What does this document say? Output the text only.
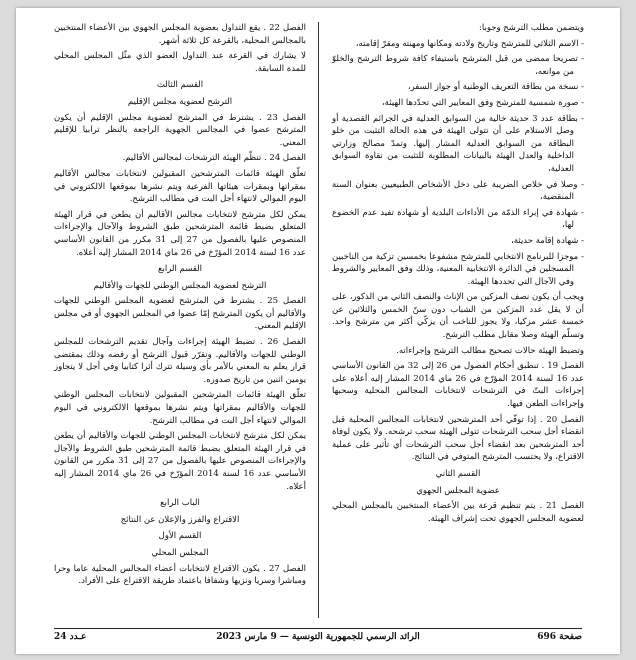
ويتضمن مطلب الترشح وجوبا:

- الاسم الثلاثي للمترشح وتاريخ ولادته ومكانها ومهنته ومقرّ إقامته،

- تصريحا ممضى من قبل المترشح باستيفاء كافة شروط الترشح والخلوّ من موانعه،

- نسخة من بطاقة التعريف الوطنية أو جواز السفر،

- صورة شمسية للمترشح وفق المعايير التي تحدّدها الهيئة،

- بطاقة عدد 3 حديثة خالية من السوابق العدلية في الجرائم القصدية أو وصل الاستلام على أن تتولى الهيئة في هذه الحالة التثبت من خلو البطاقة من السوابق العدلية المشار إليها. وتمدّ مصالح وزارتي الداخلية والعدل الهيئة بالبيانات المطلوبة للتثبت من نقاوة السوابق العدلية،

- وصلا في خلاص الضريبة على دخل الأشخاص الطبيعيين بعنوان السنة المنقضية،

- شهادة في إبراء الذمّة من الأداءات البلدية أو شهادة تفيد عدم الخضوع لها،

- شهادة إقامة حديثة،

- موجزا للبرنامج الانتخابي للمترشح مشفوعا بخمسين تزكية من الناخبين المسجلين في الدائرة الانتخابية المعنية، وذلك وفق المعايير والشروط وفي الآجال التي تحددها الهيئة.

ويجب أن يكون نصف المزكين من الإناث والنصف الثاني من الذكور، على أن لا يقل عدد المزكين من الشباب دون سنّ الخمس والثلاثين عن خمسة عشر مزكيا، ولا يجوز للناخب أن يزكّي أكثر من مترشح واحد. وتسلّم الهيئة وصلا مقابل مطلب الترشح.

وتضبط الهيئة حالات تصحيح مطالب الترشح وإجراءاته.

الفصل 19 . تنطبق أحكام الفصول من 26 إلى 32 من القانون الأساسي عدد 16 لسنة 2014 المؤرّخ في 26 ماي 2014 المشار إليه أعلاه على إجراءات البتّ في الترشحات لانتخابات المجالس المحلية وسحبها وإجراءات الطعن فيها.

الفصل 20 . إذا توفّي أحد المترشحين لانتخابات المجالس المحلية قبل انقضاء أجل سحب الترشحات تتولى الهيئة سحب ترشحه. ولا يكون لوفاة أحد المترشحين بعد انقضاء أجل سحب الترشحات أي تأثير على عملية الاقتراع، ولا يحتسب المترشح المتوفي في النتائج.

القسم الثاني

عضوية المجلس الجهوي

الفصل 21 . يتم تنظيم قرعة بين الأعضاء المنتخبين بالمجلس المحلي لعضوية المجلس الجهوي تحت إشراف الهيئة.

الفصل 22 . يقع التداول بعضوية المجلس الجهوي بين الأعضاء المنتخبين بالمجالس المحلية، بالقرعة كل ثلاثة أشهر.

لا يشارك في القرعة عند التداول العضو الذي مثّل المجلس المحلي للمدة السابقة.

القسم الثالث

الترشح لعضوية مجلس الإقليم

الفصل 23 . يشترط في المترشح لعضوية مجلس الإقليم أن يكون المترشح عضوا في المجالس الجهوية الراجعة بالنظر ترابيا للإقليم المعني.

الفصل 24 . تنظّم الهيئة الترشحات لمجالس الأقاليم.

تعلّق الهيئة قائمات المترشحين المقبولين لانتخابات مجالس الأقاليم بمقراتها وبمقرات هيئاتها الفرعية ويتم نشرها بموقعها الالكتروني في اليوم الموالي لانتهاء أجل البت في مطالب الترشح.

يمكن لكل مترشح لانتخابات مجالس الأقاليم أن يطعن في قرار الهيئة المتعلق بضبط قائمة المترشحين طبق الشروط والآجال والإجراءات المنصوص عليها بالفصول من 27 إلى 31 مكرر من القانون الأساسي عدد 16 لسنة 2014 المؤرّخ في 26 ماي 2014 المشار إليه أعلاه.

القسم الرابع

الترشح لعضوية المجلس الوطني للجهات والأقاليم

الفصل 25 . يشترط في المترشح لعضوية المجلس الوطني للجهات والأقاليم أن يكون المترشح إمّا عضوا في المجلس الجهوي أو في مجلس الإقليم المعني.

الفصل 26 . تضبط الهيئة إجراءات وآجال تقديم الترشحات للمجلس الوطني للجهات والأقاليم. وتقرّر قبول الترشح أو رفضه وذلك بمقتضى قرار يعلم به المعني بالأمر بأي وسيلة تترك أثرا كتابيا وفي أجل لا يتجاوز يومين اثنين من تاريخ صدوره.

تعلّق الهيئة قائمات المترشحين المقبولين لانتخابات المجلس الوطني للجهات والأقاليم بمقراتها ويتم نشرها بموقعها الالكتروني في اليوم الموالي لانتهاء أجل البت في مطالب الترشح.

يمكن لكل مترشح لانتخابات المجلس الوطني للجهات والأقاليم أن يطعن في قرار الهيئة المتعلق بضبط قائمة المترشحين طبق الشروط والآجال والإجراءات المنصوص عليها بالفصول من 27 إلى 31 مكرر من القانون الأساسي عدد 16 لسنة 2014 المؤرّخ في 26 ماي 2014 المشار إليه أعلاه.

الباب الرابع

الاقتراع والفرز والإعلان عن النتائج

القسم الأول

المجلس المحلي

الفصل 27 . يكون الاقتراع لانتخابات أعضاء المجالس المحلية عاما وحرا ومباشرا وسريا ونزيها وشفافا باعتماد طريقة الاقتراع على الأفراد.

صفحة 696
الرائد الرسمي للجمهورية التونسية — 9 مارس 2023
عـدد 24
